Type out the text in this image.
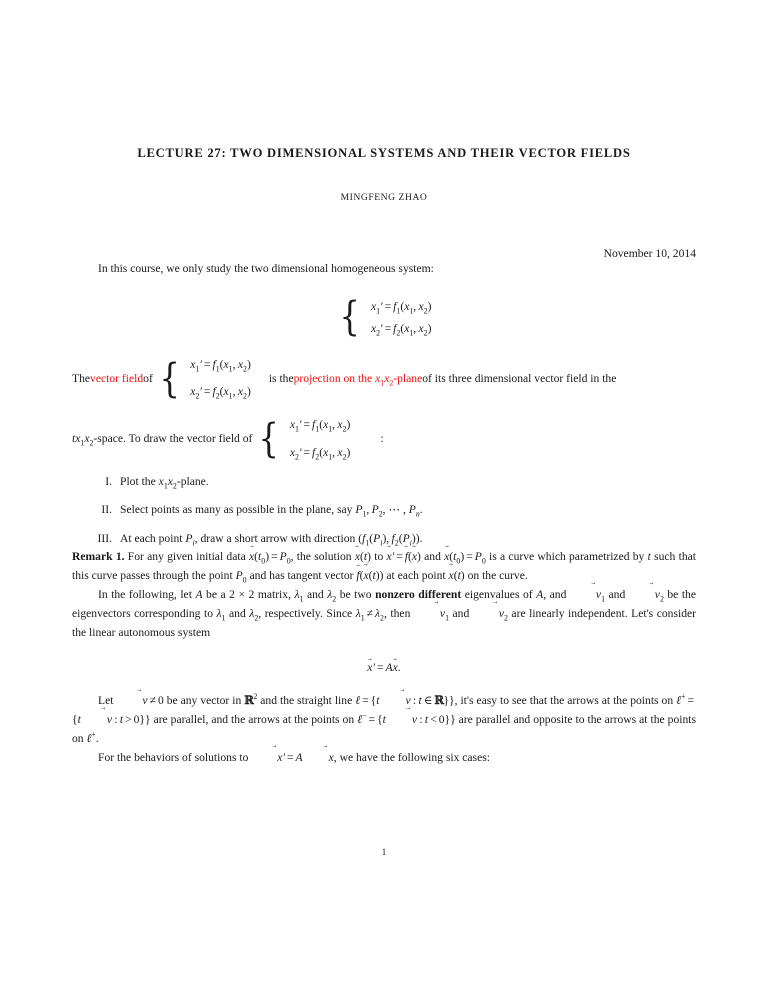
LECTURE 27: TWO DIMENSIONAL SYSTEMS AND THEIR VECTOR FIELDS
MINGFENG ZHAO
November 10, 2014

In this course, we only study the two dimensional homogeneous system:

{ $x_1' = f_1(x_1$, $x_2$)
$x_2' = f_2(x_1$, $x_2$)
The vector field of { $x_1' = f_1(x_1$, $x_2$)
$x_2' = f_2(x_1$, $x_2$)
is the projection on the $x_1x_2$-plane of its three dimensional vector field in the
$tx_1x_2$-space. To draw the vector field of { $x_1' = f_1(x_1$, $x_2$)
$x_2' = f_2(x_1$, $x_2$)
:
I. Plot the $x_1x_2$-plane.
II. Select points as many as possible in the plane, say $P_1$, $P_2$, ⋯ , $P_n$.
III. At each point $P_i$, draw a short arrow with direction ($f_1(P_i)$, $f_2(P_i)$).

Remark 1. For any given initial data → $x(t_0) = P_0$, the solution → x(t) to → x′ = → f(→ x) and → $x(t_0) = P_0$ is a curve which parametrized by t such that this curve passes through the point $P_0$ and has tangent vector → f(→ x(t)) at each point → x(t) on the curve.

In the following, let A be a 2 × 2 matrix, $\lambda_1$ and $\lambda_2$ be two nonzero different eigenvalues of A, and → $v_1$ and → $v_2$ be the eigenvectors corresponding to $\lambda_1$ and $\lambda_2$, respectively. Since $\lambda_1 \ne \lambda_2$, then → $v_1$ and → $v_2$ are linearly independent. Let's consider the linear autonomous system

→ x′ = A→ x.

Let → v ≠ 0 be any vector in ℝ$^2$ and the straight line ℓ = {t → v : t ∈ ℝ}}, it's easy to see that the arrows at the points on ℓ+ ={t → v : t > 0}} are parallel, and the arrows at the points on ℓ− = {t → v : t < 0}} are parallel and opposite to the arrows at the points on ℓ+.

For the behaviors of solutions to → x′ = A → x, we have the following six cases:

1
